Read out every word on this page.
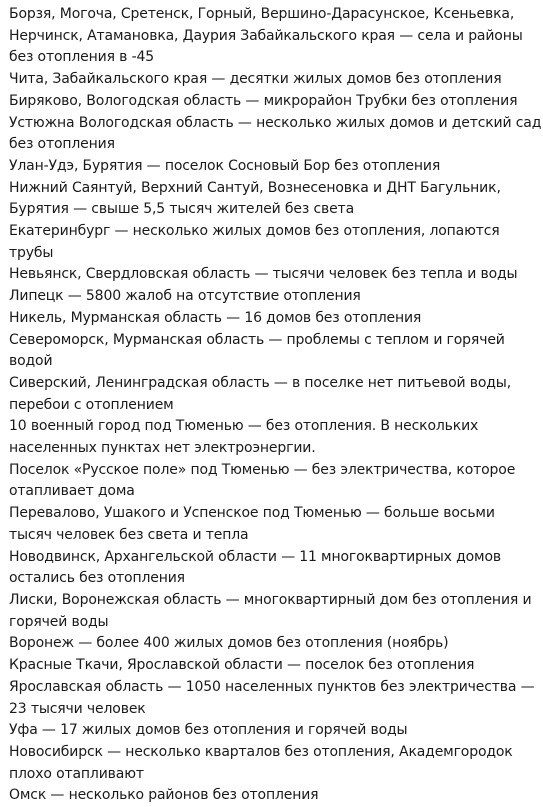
Борзя, Могоча, Сретенск, Горный, Вершино-Дарасунское, Ксеньевка,
Нерчинск, Атамановка, Даурия Забайкальского края — села и районы
без отопления в -45
Чита, Забайкальского края — десятки жилых домов без отопления
Биряково, Вологодская область — микрорайон Трубки без отопления
Устюжна Вологодская область — несколько жилых домов и детский сад
без отопления
Улан-Удэ, Бурятия — поселок Сосновый Бор без отопления
Нижний Саянтуй, Верхний Сантуй, Вознесеновка и ДНТ Багульник,
Бурятия — свыше 5,5 тысяч жителей без света
Екатеринбург — несколько жилых домов без отопления, лопаются
трубы
Невьянск, Свердловская область — тысячи человек без тепла и воды
Липецк — 5800 жалоб на отсутствие отопления
Никель, Мурманская область — 16 домов без отопления
Североморск, Мурманская область — проблемы с теплом и горячей
водой
Сиверский, Ленинградская область — в поселке нет питьевой воды,
перебои с отоплением
10 военный город под Тюменью — без отопления. В нескольких
населенных пунктах нет электроэнергии.
Поселок «Русское поле» под Тюменью — без электричества, которое
отапливает дома
Перевалово, Ушакого и Успенское под Тюменью — больше восьми
тысяч человек без света и тепла
Новодвинск, Архангельской области — 11 многоквартирных домов
остались без отопления
Лиски, Воронежская область — многоквартирный дом без отопления и
горячей воды
Воронеж — более 400 жилых домов без отопления (ноябрь)
Красные Ткачи, Ярославской области — поселок без отопления
Ярославская область — 1050 населенных пунктов без электричества —
23 тысячи человек
Уфа — 17 жилых домов без отопления и горячей воды
Новосибирск — несколько кварталов без отопления, Академгородок
плохо отапливают
Омск — несколько районов без отопления
